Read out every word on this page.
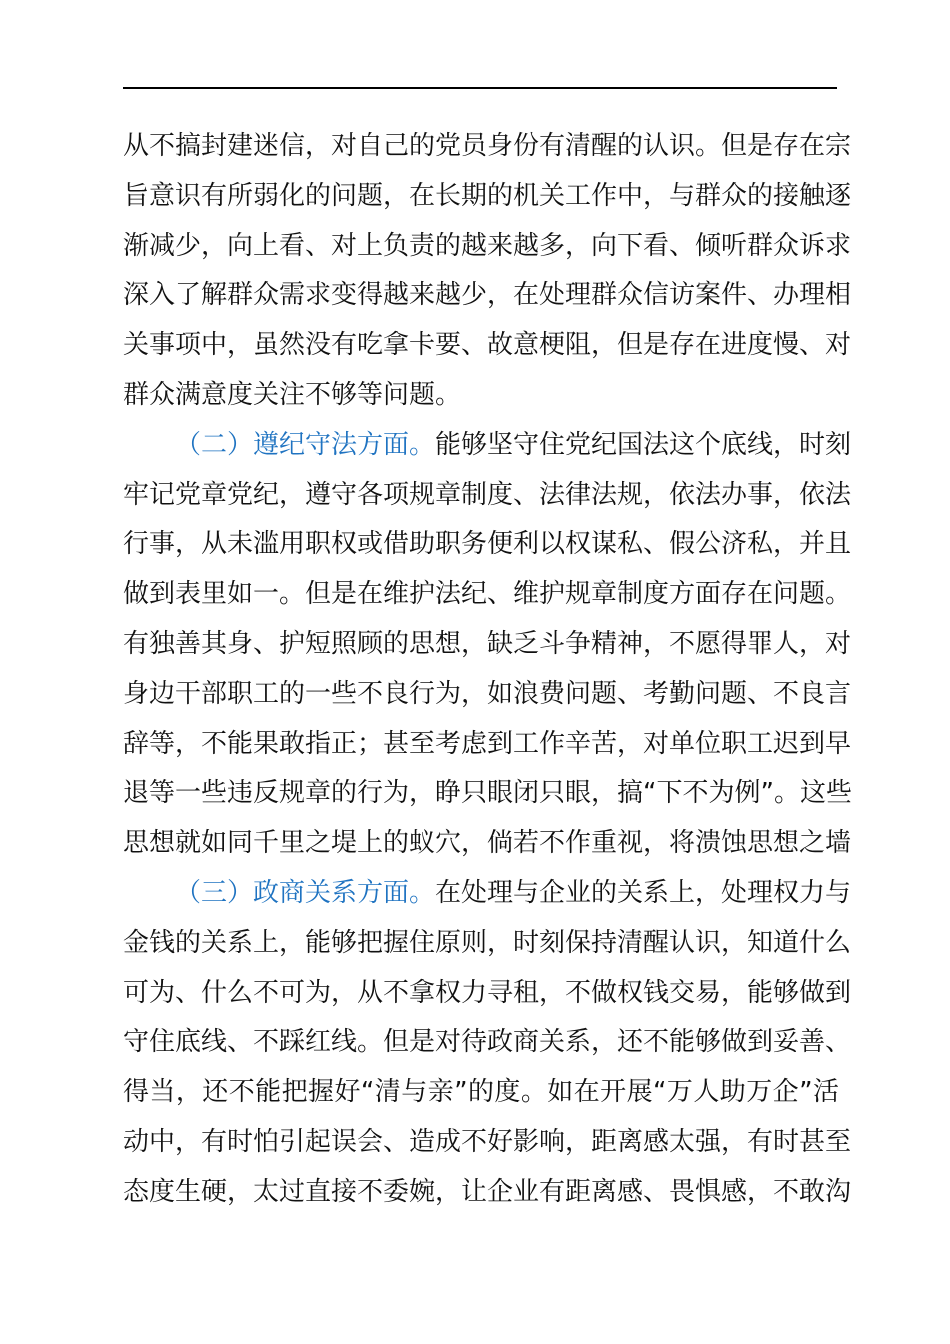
从不搞封建迷信，对自己的党员身份有清醒的认识。但是存在宗
旨意识有所弱化的问题，在长期的机关工作中，与群众的接触逐
渐减少，向上看、对上负责的越来越多，向下看、倾听群众诉求
深入了解群众需求变得越来越少，在处理群众信访案件、办理相
关事项中，虽然没有吃拿卡要、故意梗阻，但是存在进度慢、对
群众满意度关注不够等问题。
（二）遵纪守法方面。能够坚守住党纪国法这个底线，时刻
牢记党章党纪，遵守各项规章制度、法律法规，依法办事，依法
行事，从未滥用职权或借助职务便利以权谋私、假公济私，并且
做到表里如一。但是在维护法纪、维护规章制度方面存在问题。
有独善其身、护短照顾的思想，缺乏斗争精神，不愿得罪人，对
身边干部职工的一些不良行为，如浪费问题、考勤问题、不良言
辞等，不能果敢指正；甚至考虑到工作辛苦，对单位职工迟到早
退等一些违反规章的行为，睁只眼闭只眼，搞“下不为例”。这些
思想就如同千里之堤上的蚁穴，倘若不作重视，将溃蚀思想之墙
（三）政商关系方面。在处理与企业的关系上，处理权力与
金钱的关系上，能够把握住原则，时刻保持清醒认识，知道什么
可为、什么不可为，从不拿权力寻租，不做权钱交易，能够做到
守住底线、不踩红线。但是对待政商关系，还不能够做到妥善、
得当，还不能把握好“清与亲”的度。如在开展“万人助万企”活
动中，有时怕引起误会、造成不好影响，距离感太强，有时甚至
态度生硬，太过直接不委婉，让企业有距离感、畏惧感，不敢沟
